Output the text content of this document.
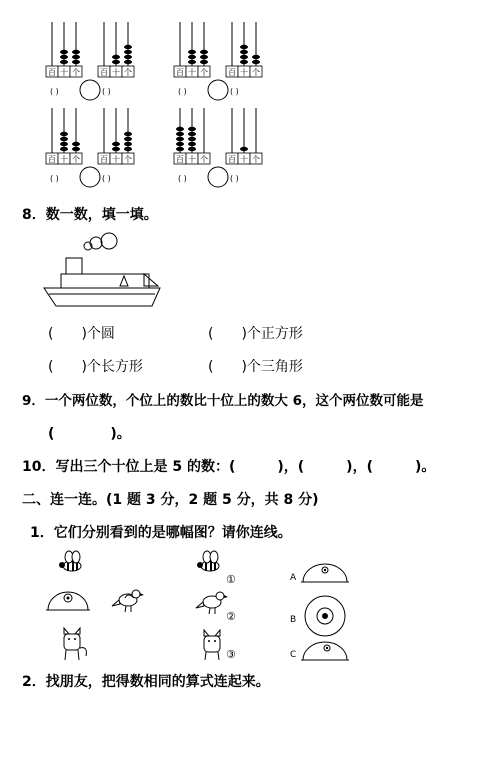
百 十 个	百 十 个	百 十 个	百 十 个
百 十 个	百 十 个	百 十 个	百 十 个
( )	( )	( )	( )
( )	( )	( )	( )
8．数一数，填一填。
(　　)个圆	(　　)个正方形
(　　)个长方形	(　　)个三角形
9．一个两位数，个位上的数比十位上的数大 6，这个两位数可能是
(　　　　)。
10．写出三个十位上是 5 的数：(　　　)，(　　　)，(　　　)。
二、连一连。(1 题 3 分，2 题 5 分，共 8 分)
1．它们分别看到的是哪幅图？请你连线。
①
②
③
A
B
C
2．找朋友，把得数相同的算式连起来。
